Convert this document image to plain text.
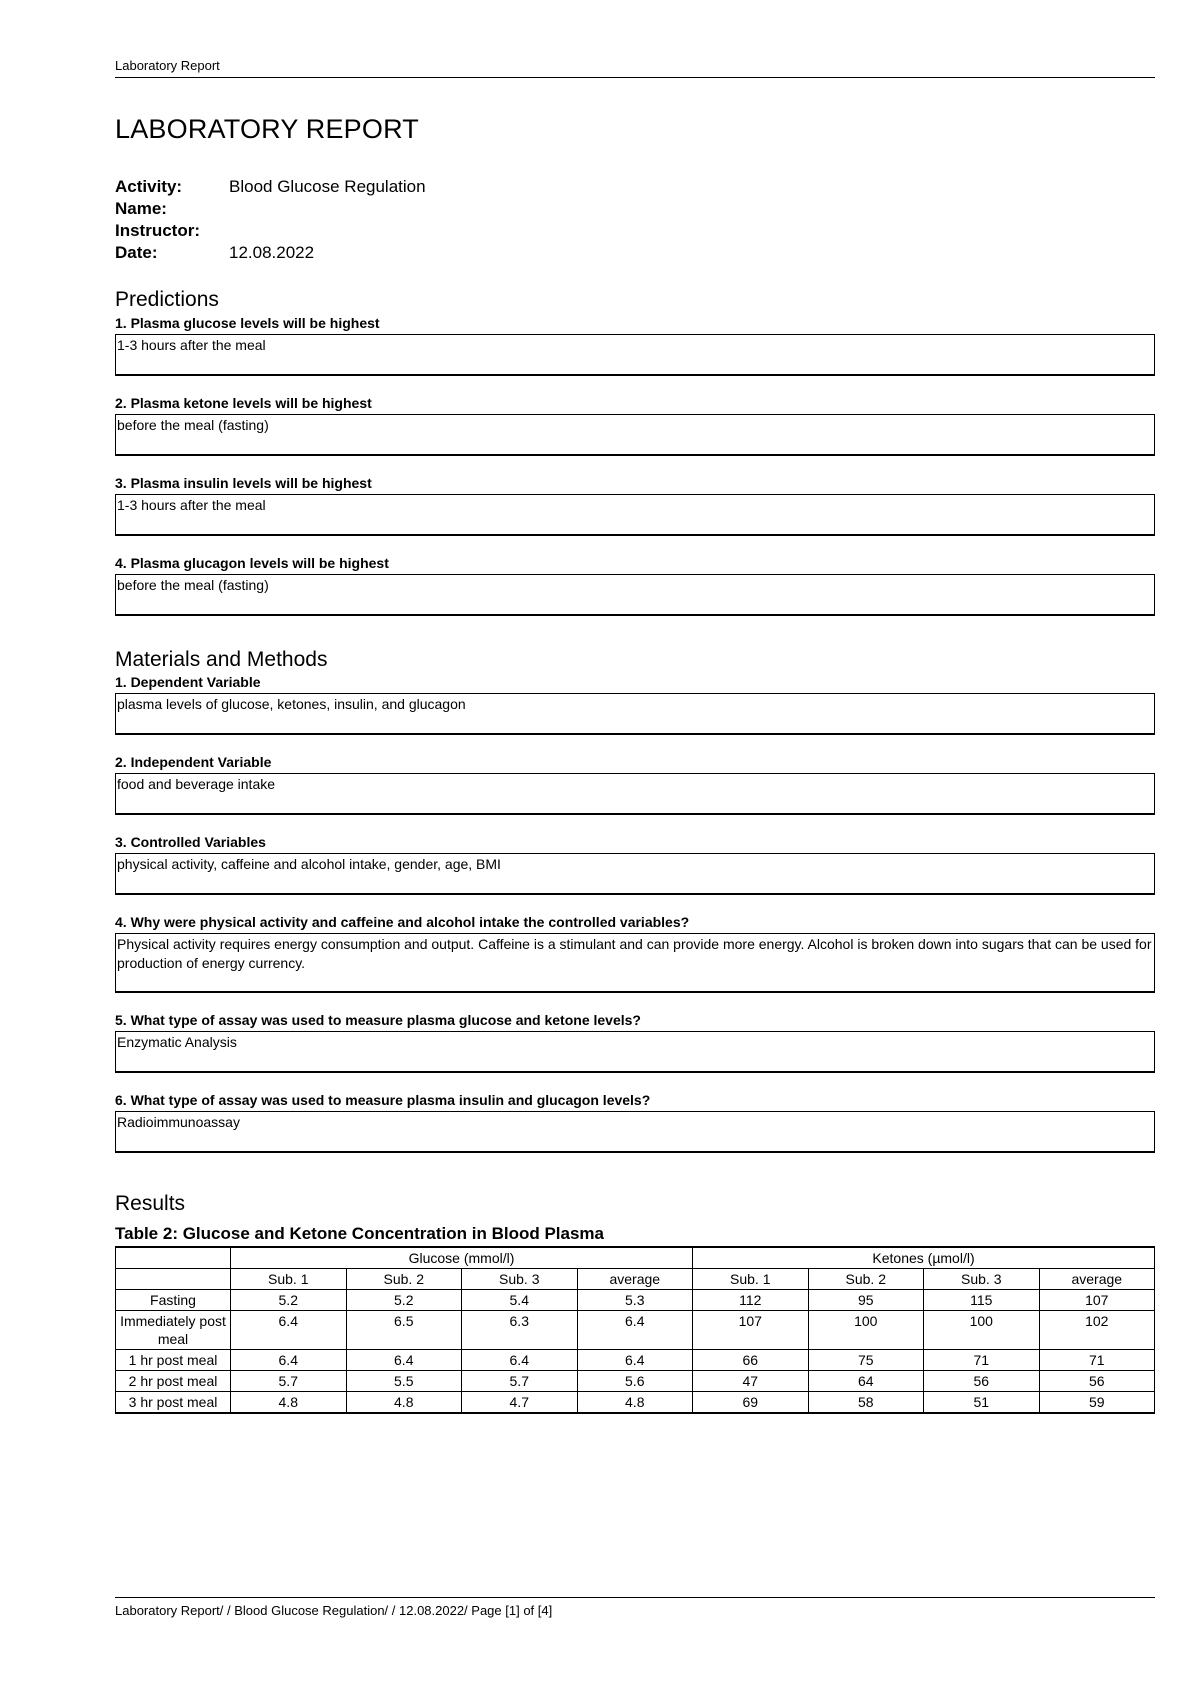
Laboratory Report
LABORATORY REPORT
Activity:	Blood Glucose Regulation
Name:
Instructor:
Date:	12.08.2022
Predictions
1. Plasma glucose levels will be highest
1-3 hours after the meal
2. Plasma ketone levels will be highest
before the meal (fasting)
3. Plasma insulin levels will be highest
1-3 hours after the meal
4. Plasma glucagon levels will be highest
before the meal (fasting)
Materials and Methods
1. Dependent Variable
plasma levels of glucose, ketones, insulin, and glucagon
2. Independent Variable
food and beverage intake
3. Controlled Variables
physical activity, caffeine and alcohol intake, gender, age, BMI
4. Why were physical activity and caffeine and alcohol intake the controlled variables?
Physical activity requires energy consumption and output. Caffeine is a stimulant and can provide more energy. Alcohol is broken down into sugars that can be used for production of energy currency.
5. What type of assay was used to measure plasma glucose and ketone levels?
Enzymatic Analysis
6. What type of assay was used to measure plasma insulin and glucagon levels?
Radioimmunoassay
Results
Table 2: Glucose and Ketone Concentration in Blood Plasma
	Glucose (mmol/l)				Ketones (µmol/l)			
	Sub. 1	Sub. 2	Sub. 3	average	Sub. 1	Sub. 2	Sub. 3	average
Fasting	5.2	5.2	5.4	5.3	112	95	115	107
Immediately post meal	6.4	6.5	6.3	6.4	107	100	100	102
1 hr post meal	6.4	6.4	6.4	6.4	66	75	71	71
2 hr post meal	5.7	5.5	5.7	5.6	47	64	56	56
3 hr post meal	4.8	4.8	4.7	4.8	69	58	51	59
Laboratory Report/ / Blood Glucose Regulation/ / 12.08.2022/ Page [1] of [4]
